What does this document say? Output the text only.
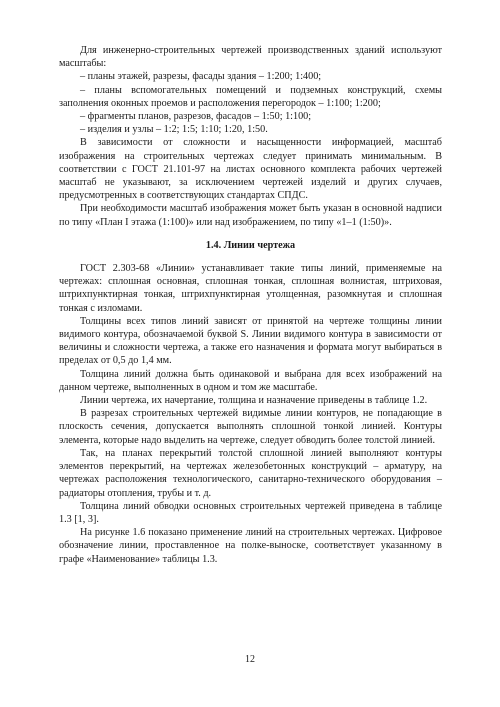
Для инженерно-строительных чертежей производственных зданий используют масштабы:

– планы этажей, разрезы, фасады здания – 1:200; 1:400;

– планы вспомогательных помещений и подземных конструкций, схемы заполнения оконных проемов и расположения перегородок – 1:100; 1:200;

– фрагменты планов, разрезов, фасадов – 1:50; 1:100;

– изделия и узлы – 1:2; 1:5; 1:10; 1:20, 1:50.

В зависимости от сложности и насыщенности информацией, масштаб изображения на строительных чертежах следует принимать минимальным. В соответствии с ГОСТ 21.101-97 на листах основного комплекта рабочих чертежей масштаб не указывают, за исключением чертежей изделий и других случаев, предусмотренных в соответствующих стандартах СПДС.

При необходимости масштаб изображения может быть указан в основной надписи по типу «План I этажа (1:100)» или над изображением, по типу «1–1 (1:50)».

1.4. Линии чертежа

ГОСТ 2.303-68 «Линии» устанавливает такие типы линий, применяемые на чертежах: сплошная основная, сплошная тонкая, сплошная волнистая, штриховая, штрихпунктирная тонкая, штрихпунктирная утолщенная, разомкнутая и сплошная тонкая с изломами.

Толщины всех типов линий зависят от принятой на чертеже толщины линии видимого контура, обозначаемой буквой S. Линии видимого контура в зависимости от величины и сложности чертежа, а также его назначения и формата могут выбираться в пределах от 0,5 до 1,4 мм.

Толщина линий должна быть одинаковой и выбрана для всех изображений на данном чертеже, выполненных в одном и том же масштабе.

Линии чертежа, их начертание, толщина и назначение приведены в таблице 1.2.

В разрезах строительных чертежей видимые линии контуров, не попадающие в плоскость сечения, допускается выполнять сплошной тонкой линией. Контуры элемента, которые надо выделить на чертеже, следует обводить более толстой линией.

Так, на планах перекрытий толстой сплошной линией выполняют контуры элементов перекрытий, на чертежах железобетонных конструкций – арматуру, на чертежах расположения технологического, санитарно-технического оборудования – радиаторы отопления, трубы и т. д.

Толщина линий обводки основных строительных чертежей приведена в таблице 1.3 [1, 3].

На рисунке 1.6 показано применение линий на строительных чертежах. Цифровое обозначение линии, проставленное на полке-выноске, соответствует указанному в графе «Наименование» таблицы 1.3.

12
